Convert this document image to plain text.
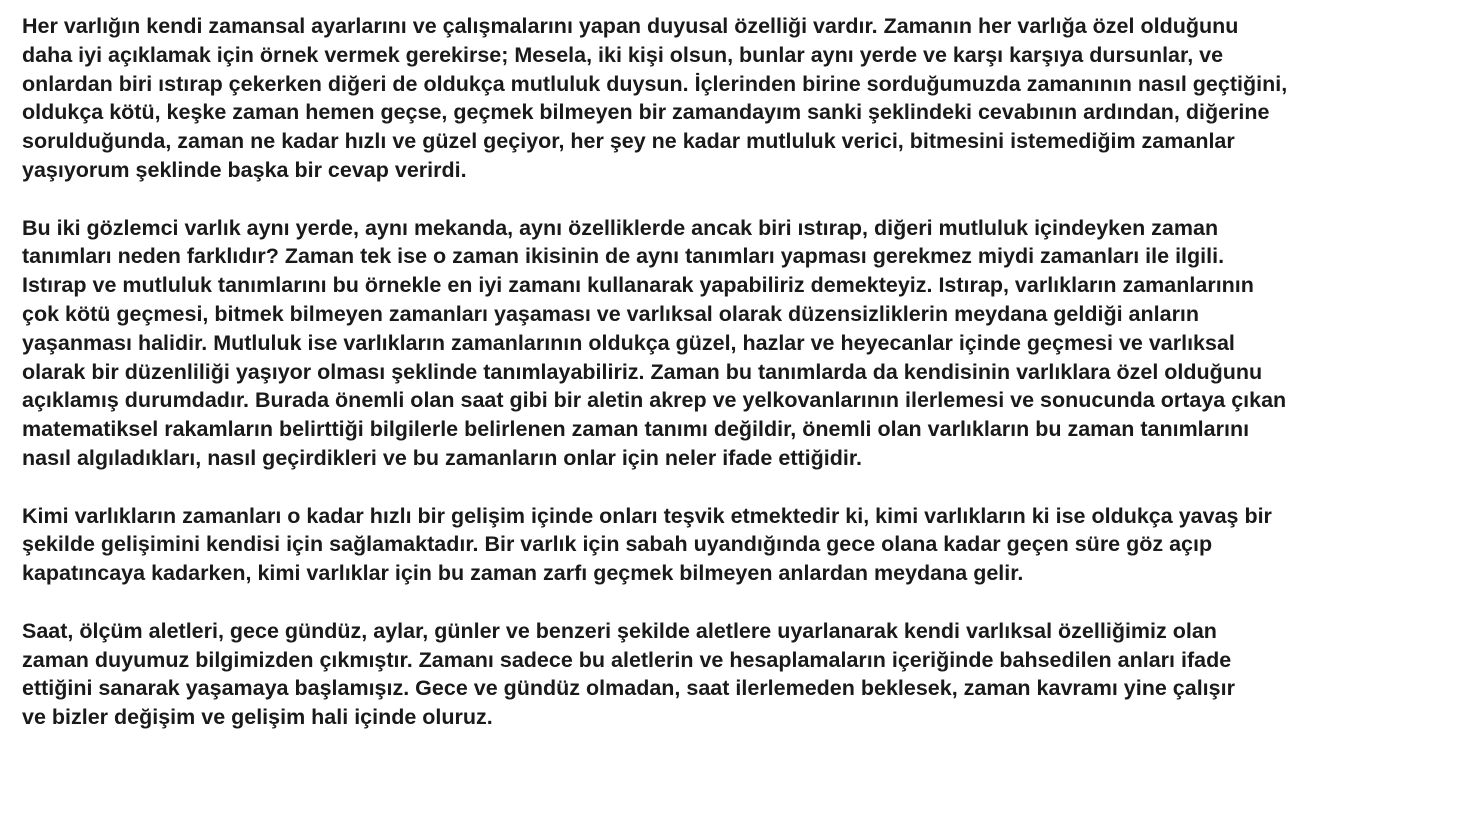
Her varlığın kendi zamansal ayarlarını ve çalışmalarını yapan duyusal özelliği vardır. Zamanın her varlığa özel olduğunu
daha iyi açıklamak için örnek vermek gerekirse; Mesela, iki kişi olsun, bunlar aynı yerde ve karşı karşıya dursunlar, ve
onlardan biri ıstırap çekerken diğeri de oldukça mutluluk duysun. İçlerinden birine sorduğumuzda zamanının nasıl geçtiğini,
oldukça kötü, keşke zaman hemen geçse, geçmek bilmeyen bir zamandayım sanki şeklindeki cevabının ardından, diğerine
sorulduğunda, zaman ne kadar hızlı ve güzel geçiyor, her şey ne kadar mutluluk verici, bitmesini istemediğim zamanlar
yaşıyorum şeklinde başka bir cevap verirdi.
Bu iki gözlemci varlık aynı yerde, aynı mekanda, aynı özelliklerde ancak biri ıstırap, diğeri mutluluk içindeyken zaman
tanımları neden farklıdır? Zaman tek ise o zaman ikisinin de aynı tanımları yapması gerekmez miydi zamanları ile ilgili.
Istırap ve mutluluk tanımlarını bu örnekle en iyi zamanı kullanarak yapabiliriz demekteyiz. Istırap, varlıkların zamanlarının
çok kötü geçmesi, bitmek bilmeyen zamanları yaşaması ve varlıksal olarak düzensizliklerin meydana geldiği anların
yaşanması halidir. Mutluluk ise varlıkların zamanlarının oldukça güzel, hazlar ve heyecanlar içinde geçmesi ve varlıksal
olarak bir düzenliliği yaşıyor olması şeklinde tanımlayabiliriz. Zaman bu tanımlarda da kendisinin varlıklara özel olduğunu
açıklamış durumdadır. Burada önemli olan saat gibi bir aletin akrep ve yelkovanlarının ilerlemesi ve sonucunda ortaya çıkan
matematiksel rakamların belirttiği bilgilerle belirlenen zaman tanımı değildir, önemli olan varlıkların bu zaman tanımlarını
nasıl algıladıkları, nasıl geçirdikleri ve bu zamanların onlar için neler ifade ettiğidir.
Kimi varlıkların zamanları o kadar hızlı bir gelişim içinde onları teşvik etmektedir ki, kimi varlıkların ki ise oldukça yavaş bir
şekilde gelişimini kendisi için sağlamaktadır. Bir varlık için sabah uyandığında gece olana kadar geçen süre göz açıp
kapatıncaya kadarken, kimi varlıklar için bu zaman zarfı geçmek bilmeyen anlardan meydana gelir.
Saat, ölçüm aletleri, gece gündüz, aylar, günler ve benzeri şekilde aletlere uyarlanarak kendi varlıksal özelliğimiz olan
zaman duyumuz bilgimizden çıkmıştır. Zamanı sadece bu aletlerin ve hesaplamaların içeriğinde bahsedilen anları ifade
ettiğini sanarak yaşamaya başlamışız. Gece ve gündüz olmadan, saat ilerlemeden beklesek, zaman kavramı yine çalışır
ve bizler değişim ve gelişim hali içinde oluruz.
